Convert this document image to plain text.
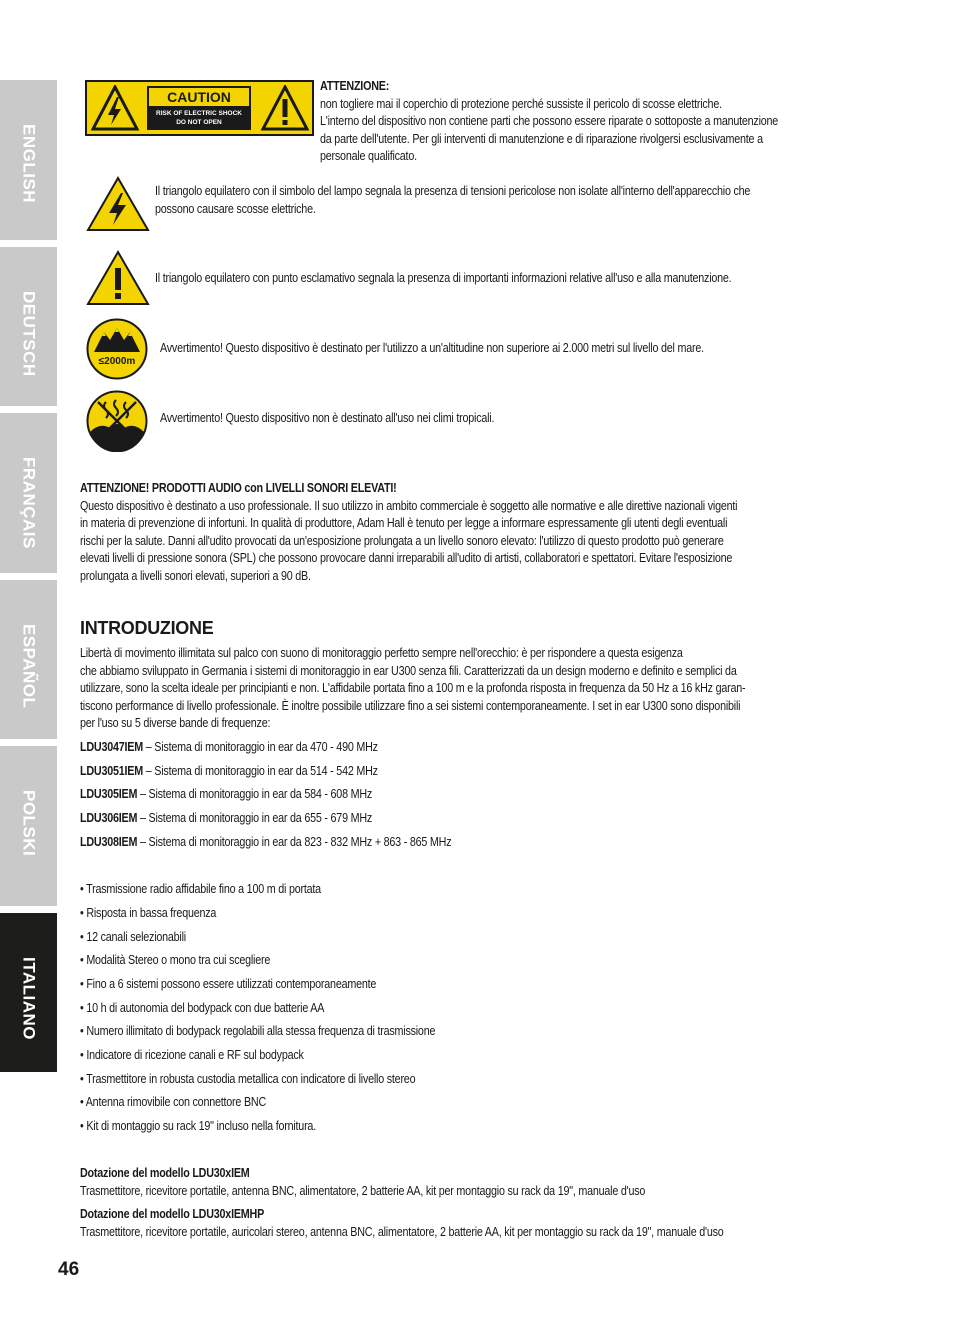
ENGLISH
DEUTSCH
FRANÇAIS
ESPAÑOL
POLSKI
ITALIANO
CAUTION
RISK OF ELECTRIC SHOCK
DO NOT OPEN
ATTENZIONE:
non togliere mai il coperchio di protezione perché sussiste il pericolo di scosse elettriche.
L'interno del dispositivo non contiene parti che possono essere riparate o sottoposte a manutenzione
da parte dell'utente. Per gli interventi di manutenzione e di riparazione rivolgersi esclusivamente a
personale qualificato.
Il triangolo equilatero con il simbolo del lampo segnala la presenza di tensioni pericolose non isolate all'interno dell'apparecchio che
possono causare scosse elettriche.
Il triangolo equilatero con punto esclamativo segnala la presenza di importanti informazioni relative all'uso e alla manutenzione.
≤2000m
Avvertimento! Questo dispositivo è destinato per l'utilizzo a un'altitudine non superiore ai 2.000 metri sul livello del mare.
Avvertimento! Questo dispositivo non è destinato all'uso nei climi tropicali.
ATTENZIONE! PRODOTTI AUDIO con LIVELLI SONORI ELEVATI!
Questo dispositivo è destinato a uso professionale. Il suo utilizzo in ambito commerciale è soggetto alle normative e alle direttive nazionali vigenti
in materia di prevenzione di infortuni. In qualità di produttore, Adam Hall è tenuto per legge a informare espressamente gli utenti degli eventuali
rischi per la salute. Danni all'udito provocati da un'esposizione prolungata a un livello sonoro elevato: l'utilizzo di questo prodotto può generare
elevati livelli di pressione sonora (SPL) che possono provocare danni irreparabili all'udito di artisti, collaboratori e spettatori. Evitare l'esposizione
prolungata a livelli sonori elevati, superiori a 90 dB.
INTRODUZIONE
Libertà di movimento illimitata sul palco con suono di monitoraggio perfetto sempre nell'orecchio: è per rispondere a questa esigenza
che abbiamo sviluppato in Germania i sistemi di monitoraggio in ear U300 senza fili. Caratterizzati da un design moderno e definito e semplici da
utilizzare, sono la scelta ideale per principianti e non. L'affidabile portata fino a 100 m e la profonda risposta in frequenza da 50 Hz a 16 kHz garan-
tiscono performance di livello professionale. È inoltre possibile utilizzare fino a sei sistemi contemporaneamente. I set in ear U300 sono disponibili
per l'uso su 5 diverse bande di frequenze:
LDU3047IEM – Sistema di monitoraggio in ear da 470 - 490 MHz
LDU3051IEM – Sistema di monitoraggio in ear da 514 - 542 MHz
LDU305IEM – Sistema di monitoraggio in ear da 584 - 608 MHz
LDU306IEM – Sistema di monitoraggio in ear da 655 - 679 MHz
LDU308IEM – Sistema di monitoraggio in ear da 823 - 832 MHz + 863 - 865 MHz
• Trasmissione radio affidabile fino a 100 m di portata
• Risposta in bassa frequenza
• 12 canali selezionabili
• Modalità Stereo o mono tra cui scegliere
• Fino a 6 sistemi possono essere utilizzati contemporaneamente
• 10 h di autonomia del bodypack con due batterie AA
• Numero illimitato di bodypack regolabili alla stessa frequenza di trasmissione
• Indicatore di ricezione canali e RF sul bodypack
• Trasmettitore in robusta custodia metallica con indicatore di livello stereo
• Antenna rimovibile con connettore BNC
• Kit di montaggio su rack 19" incluso nella fornitura.
Dotazione del modello LDU30xIEM
Trasmettitore, ricevitore portatile, antenna BNC, alimentatore, 2 batterie AA, kit per montaggio su rack da 19", manuale d'uso
Dotazione del modello LDU30xIEMHP
Trasmettitore, ricevitore portatile, auricolari stereo, antenna BNC, alimentatore, 2 batterie AA, kit per montaggio su rack da 19", manuale d'uso
46
